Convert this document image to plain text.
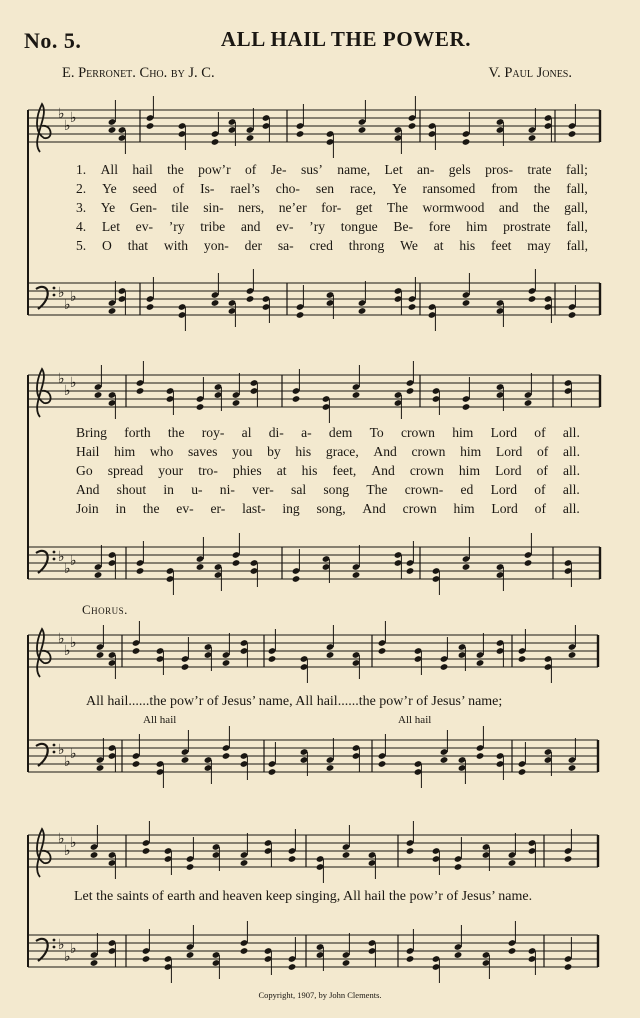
♭
♭ ♭
♭
♭ ♭
♭
♭ ♭
♭
♭ ♭
♭
♭ ♭
♭
♭ ♭
♭
♭ ♭
♭
♭ ♭
No. 5.	ALL HAIL THE POWER.
E. Perronet. Cho. by J. C.	V. Paul Jones.
1. All hail the pow’r of Je- sus’ name, Let an- gels pros- trate fall;
2. Ye seed of Is- rael’s cho- sen race, Ye ransomed from the fall,
3. Ye Gen- tile sin- ners, ne’er for- get The wormwood and the gall,
4. Let ev- ’ry tribe and ev- ’ry tongue Be- fore him prostrate fall,
5. O that with yon- der sa- cred throng We at his feet may fall,
Bring forth the roy- al di- a- dem To crown him Lord of all.
Hail him who saves you by his grace, And crown him Lord of all.
Go spread your tro- phies at his feet, And crown him Lord of all.
And shout in u- ni- ver- sal song The crown- ed Lord of all.
Join in the ev- er- last- ing song, And crown him Lord of all.
Chorus.
All hail......the pow’r of Jesus’ name, All hail......the pow’r of Jesus’ name;
All hail	All hail
Let the saints of earth and heaven keep singing, All hail the pow’r of Jesus’ name.
Copyright, 1907, by John Clements.
